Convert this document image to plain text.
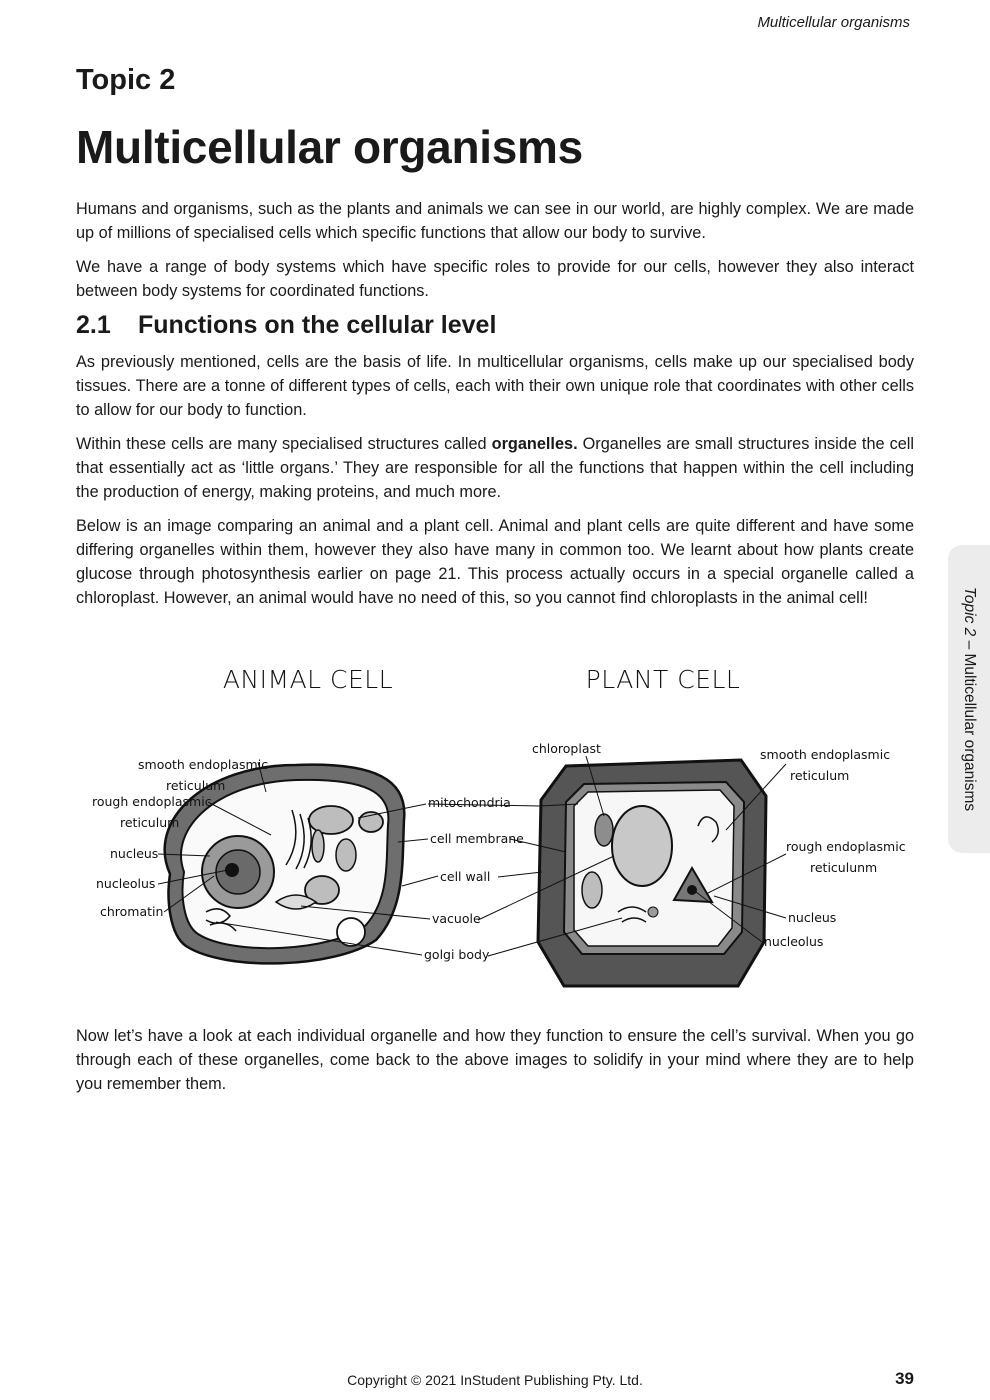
Multicellular organisms
Topic 2
Multicellular organisms

Humans and organisms, such as the plants and animals we can see in our world, are highly complex. We are made up of millions of specialised cells which specific functions that allow our body to survive.

We have a range of body systems which have specific roles to provide for our cells, however they also interact between body systems for coordinated functions.

2.1 Functions on the cellular level

As previously mentioned, cells are the basis of life. In multicellular organisms, cells make up our specialised body tissues. There are a tonne of different types of cells, each with their own unique role that coordinates with other cells to allow for our body to function.

Within these cells are many specialised structures called organelles. Organelles are small structures inside the cell that essentially act as ‘little organs.’ They are responsible for all the functions that happen within the cell including the production of energy, making proteins, and much more.

Below is an image comparing an animal and a plant cell. Animal and plant cells are quite different and have some differing organelles within them, however they also have many in common too. We learnt about how plants create glucose through photosynthesis earlier on page 21. This process actually occurs in a special organelle called a chloroplast. However, an animal would have no need of this, so you cannot find chloroplasts in the animal cell!	Topic 2 – Multicellular organisms
ANIMAL CELL	PLANT CELL
smooth endoplasmic
reticulum
rough endoplasmic
reticulum
nucleus
nucleolus
chromatin
mitochondria
cell membrane
cell wall
vacuole
golgi body
chloroplast	smooth endoplasmic
reticulum
rough endoplasmic
reticulunm
nucleus
nucleolus

Now let’s have a look at each individual organelle and how they function to ensure the cell’s survival. When you go through each of these organelles, come back to the above images to solidify in your mind where they are to help you remember them.

Copyright © 2021 InStudent Publishing Pty. Ltd.	39
